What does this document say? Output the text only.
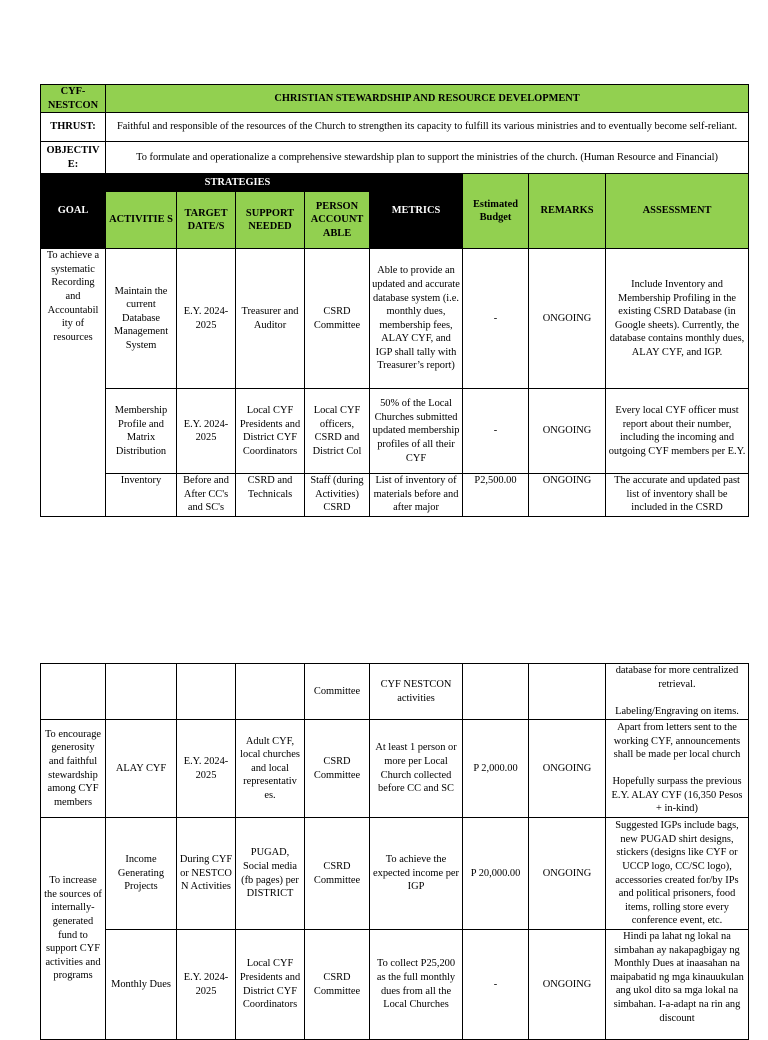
CYF- NESTCON	CHRISTIAN STEWARDSHIP AND RESOURCE DEVELOPMENT							
THRUST:	Faithful and responsible of the resources of the Church to strengthen its capacity to fulfill its various ministries and to eventually become self-reliant.							
OBJECTIV E:	To formulate and operationalize a comprehensive stewardship plan to support the ministries of the church. (Human Resource and Financial)							
GOAL	STRATEGIES				METRICS	Estimated Budget	REMARKS	ASSESSMENT
	ACTIVITIE S	TARGET DATE/S	SUPPORT NEEDED	PERSON ACCOUNT ABLE				
To achieve a systematic Recording and Accountabil ity of resources	Maintain the current Database Management System	E.Y. 2024-2025	Treasurer and Auditor	CSRD Committee	Able to provide an updated and accurate database system (i.e. monthly dues, membership fees, ALAY CYF, and IGP shall tally with Treasurer’s report)	-	ONGOING	Include Inventory and Membership Profiling in the existing CSRD Database (in Google sheets). Currently, the database contains monthly dues, ALAY CYF, and IGP.
	Membership Profile and Matrix Distribution	E.Y. 2024-2025	Local CYF Presidents and District CYF Coordinators	Local CYF officers, CSRD and District Col	50% of the Local Churches submitted updated membership profiles of all their CYF	-	ONGOING	Every local CYF officer must report about their number, including the incoming and outgoing CYF members per E.Y.
	Inventory	Before and After CC's and SC's	CSRD and Technicals	Staff (during Activities) CSRD	List of inventory of materials before and after major	P2,500.00	ONGOING	The accurate and updated past list of inventory shall be included in the CSRD
				Committee	CYF NESTCON activities			database for more centralized retrieval.
Labeling/Engraving on items.

To encourage generosity and faithful stewardship among CYF members	ALAY CYF	E.Y. 2024-2025	Adult CYF, local churches and local representativ es.	CSRD Committee	At least 1 person or more per Local Church collected before CC and SC	P 2,000.00	ONGOING	Apart from letters sent to the working CYF, announcements shall be made per local church
Hopefully surpass the previous E.Y. ALAY CYF (16,350 Pesos + in-kind)

To increase the sources of internally-generated fund to support CYF activities and programs	Income Generating Projects	During CYF or NESTCO N Activities	PUGAD, Social media (fb pages) per DISTRICT	CSRD Committee	To achieve the expected income per IGP	P 20,000.00	ONGOING	Suggested IGPs include bags, new PUGAD shirt designs, stickers (designs like CYF or UCCP logo, CC/SC logo), accessories created for/by IPs and political prisoners, food items, rolling store every conference event, etc.
	Monthly Dues	E.Y. 2024-2025	Local CYF Presidents and District CYF Coordinators	CSRD Committee	To collect P25,200 as the full monthly dues from all the Local Churches	-	ONGOING	Hindi pa lahat ng lokal na simbahan ay nakapagbigay ng Monthly Dues at inaasahan na maipabatid ng mga kinauukulan ang ukol dito sa mga lokal na simbahan. I-a-adapt na rin ang discount
